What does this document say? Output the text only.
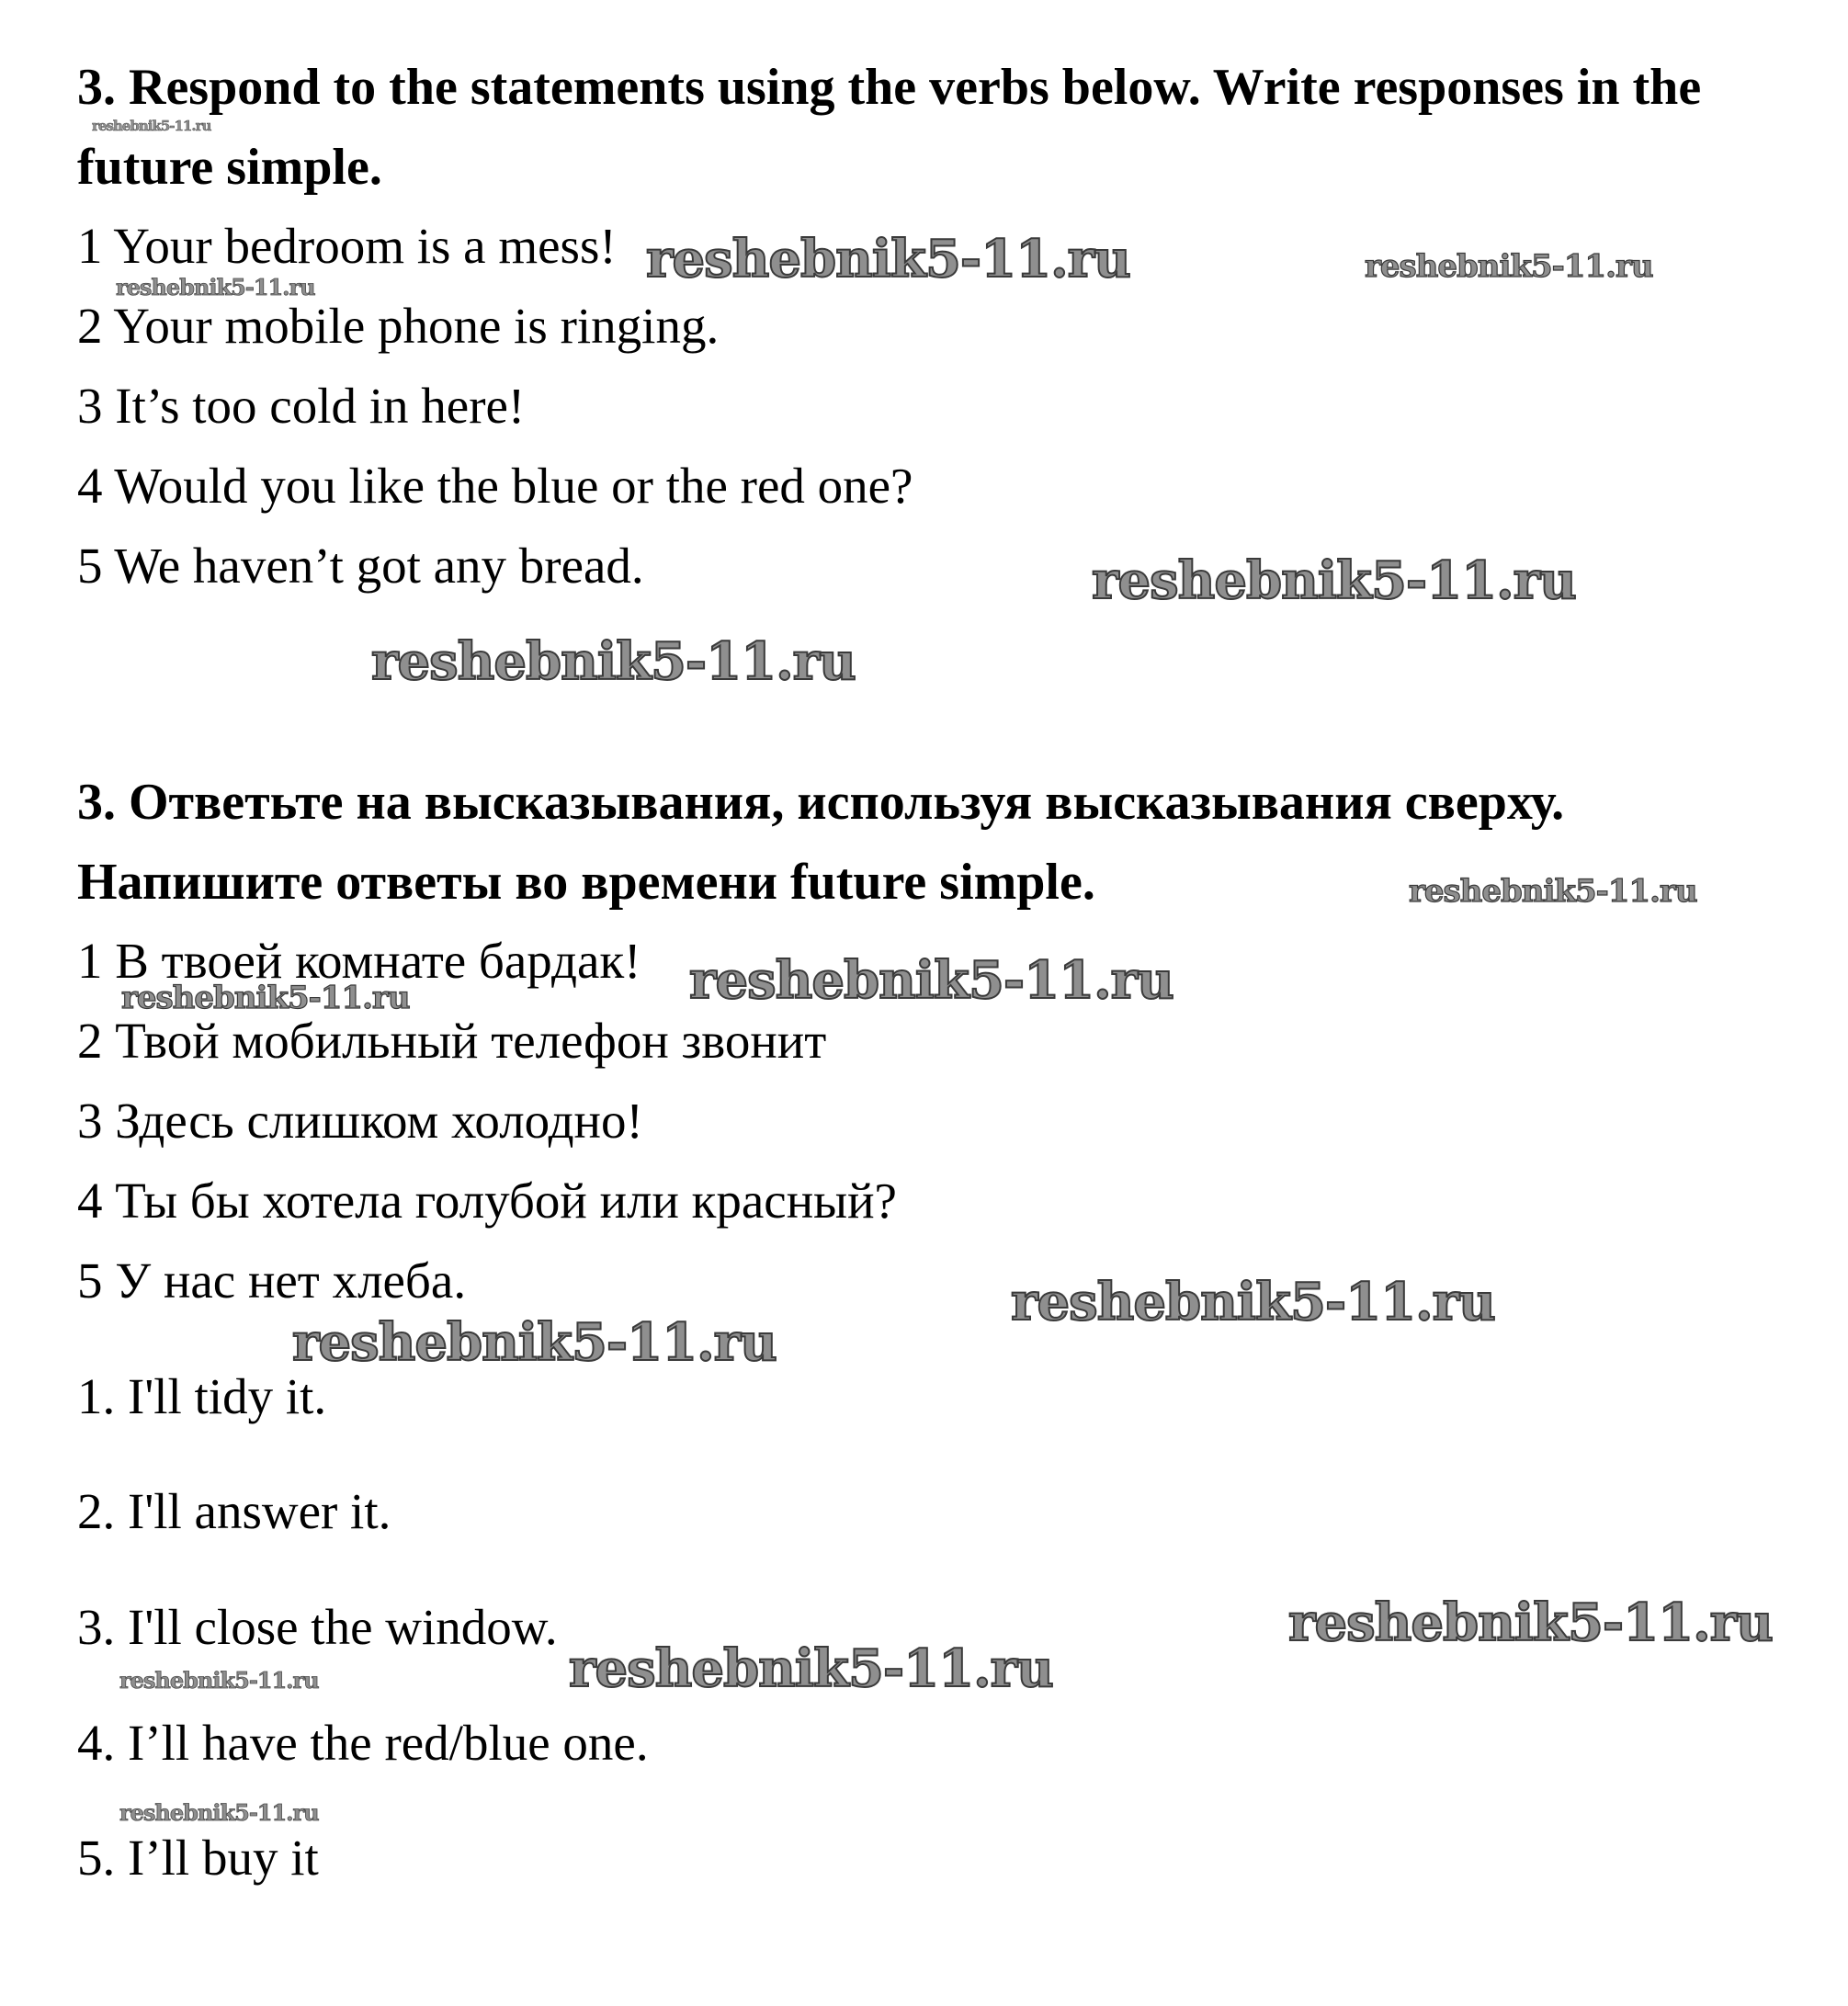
3. Respond to the statements using the verbs below. Write responses in the
future simple.
1 Your bedroom is a mess!
2 Your mobile phone is ringing.
3 It’s too cold in here!
4 Would you like the blue or the red one?
5 We haven’t got any bread.
3. Ответьте на высказывания, используя высказывания сверху.
Напишите ответы во времени future simple.
1 В твоей комнате бардак!
2 Твой мобильный телефон звонит
3 Здесь слишком холодно!
4 Ты бы хотела голубой или красный?
5 У нас нет хлеба.
1. I'll tidy it.
2. I'll answer it.
3. I'll close the window.
4. I’ll have the red/blue one.
5. I’ll buy it
reshebnik5-11.ru
reshebnik5-11.ru	reshebnik5-11.ru
reshebnik5-11.ru
reshebnik5-11.ru
reshebnik5-11.ru
reshebnik5-11.ru
reshebnik5-11.ru
reshebnik5-11.ru
reshebnik5-11.ru
reshebnik5-11.ru
reshebnik5-11.ru
reshebnik5-11.ru
reshebnik5-11.ru
reshebnik5-11.ru
